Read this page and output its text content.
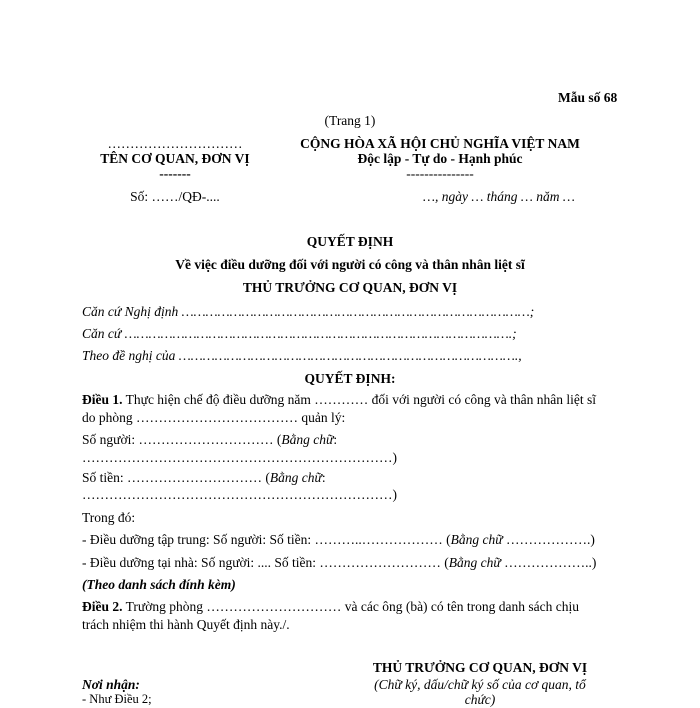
Mẫu số 68
(Trang 1)
…………………………
TÊN CƠ QUAN, ĐƠN VỊ
-------
Số: ……/QĐ-....
CỘNG HÒA XÃ HỘI CHỦ NGHĨA VIỆT NAM
Độc lập - Tự do - Hạnh phúc
---------------
…, ngày … tháng … năm …
QUYẾT ĐỊNH
Về việc điều dưỡng đối với người có công và thân nhân liệt sĩ
THỦ TRƯỞNG CƠ QUAN, ĐƠN VỊ
Căn cứ Nghị định ……………………………………………………………………………;
Căn cứ …………………………………………………………………………………….;
Theo đề nghị của ………………………………………………………………………….,
QUYẾT ĐỊNH:
Điều 1. Thực hiện chế độ điều dưỡng năm ………… đối với người có công và thân nhân liệt sĩ
do phòng ……………………………… quản lý:
Số người: ………………………… (Bằng chữ:
……………………………………………………………)
Số tiền: ………………………… (Bằng chữ:
……………………………………………………………)
Trong đó:
- Điều dưỡng tập trung: Số người: Số tiền: ………..……………… (Bằng chữ ……………….)
- Điều dưỡng tại nhà: Số người: .... Số tiền: ……………………… (Bằng chữ ………………..)
(Theo danh sách đính kèm)
Điều 2. Trường phòng ………………………… và các ông (bà) có tên trong danh sách chịu
trách nhiệm thi hành Quyết định này./.
Nơi nhận:
- Như Điều 2;
THỦ TRƯỞNG CƠ QUAN, ĐƠN VỊ
(Chữ ký, dấu/chữ ký số của cơ quan, tổ
chức)
